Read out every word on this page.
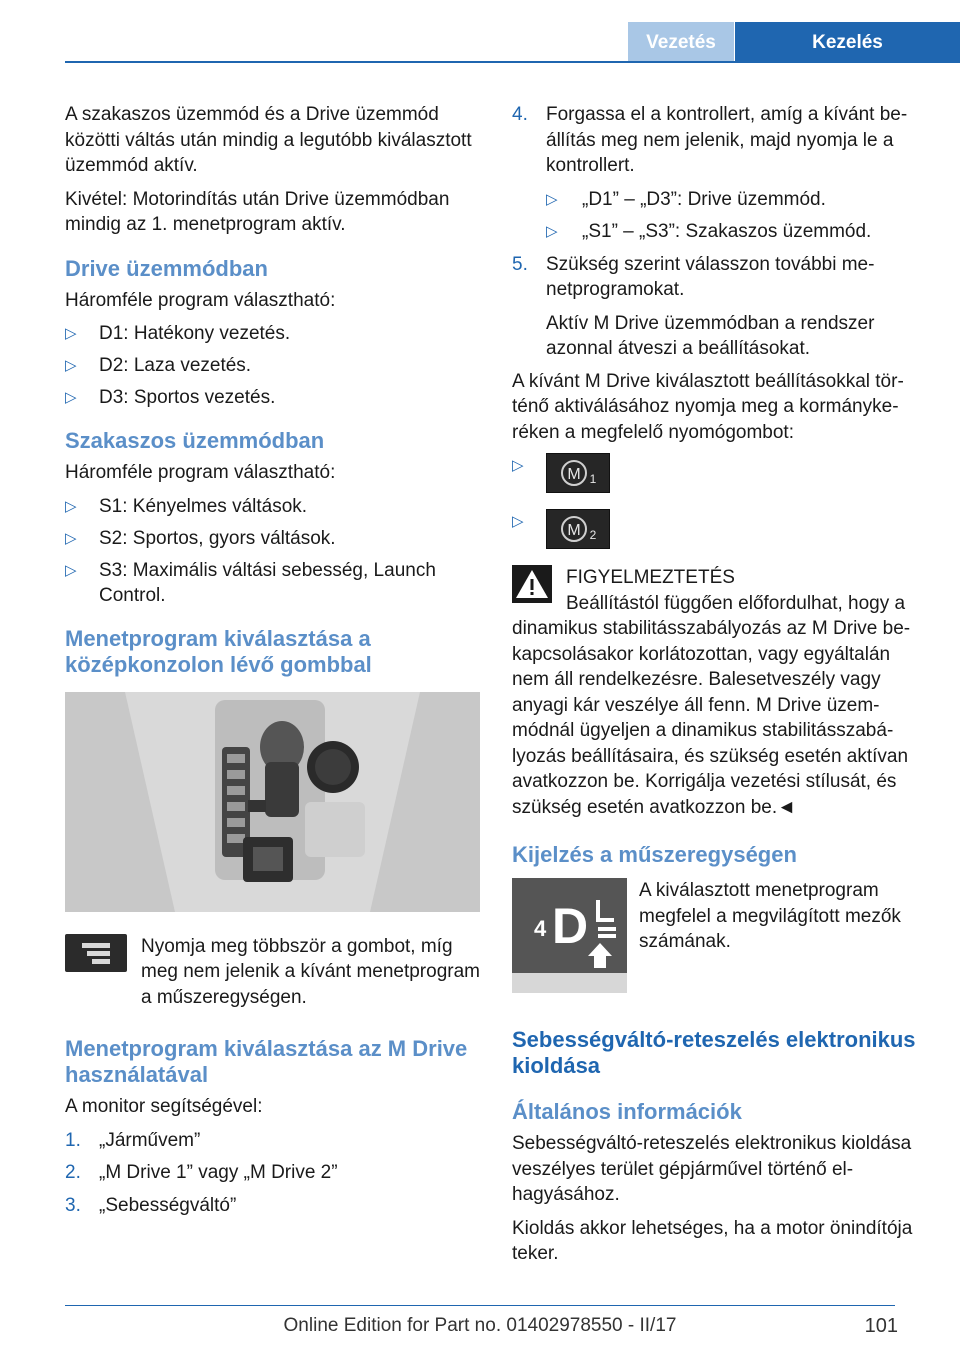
Vezetés	Kezelés

A szakaszos üzemmód és a Drive üzemmód közötti váltás után mindig a legutóbb kiválasztott üzemmód aktív.

Kivétel: Motorindítás után Drive üzemmódban mindig az 1. menetprogram aktív.

Drive üzemmódban

Háromféle program választható:

▷ D1: Hatékony vezetés.
▷ D2: Laza vezetés.
▷ D3: Sportos vezetés.
Szakaszos üzemmódban

Háromféle program választható:

▷ S1: Kényelmes váltások.
▷ S2: Sportos, gyors váltások.
▷ S3: Maximális váltási sebesség, Launch Control.
Menetprogram kiválasztása a középkonzolon lévő gombbal

Nyomja meg többször a gombot, míg meg nem jelenik a kívánt menetprogram a műszeregységen.

Menetprogram kiválasztása az M Drive használatával

A monitor segítségével:

1. „Járművem”
2. „M Drive 1” vagy „M Drive 2”
3. „Sebességváltó”
4. Forgassa el a kontrollert, amíg a kívánt beállítás meg nem jelenik, majd nyomja le a kontrollert.
▷ „D1” – „D3”: Drive üzemmód.
▷ „S1” – „S3”: Szakaszos üzemmód.
5. Szükség szerint válasszon további menetprogramokat.
Aktív M Drive üzemmódban a rendszer azonnal átveszi a beállításokat.

A kívánt M Drive kiválasztott beállításokkal történő aktiválásához nyomja meg a kormánykeréken a megfelelő nyomógombot:

▷
M 1
▷
M 2

FIGYELMEZTETÉS

Beállítástól függően előfordulhat, hogy a

dinamikus stabilitásszabályozás az M Drive bekapcsolásakor korlátozottan, vagy egyáltalán nem áll rendelkezésre. Balesetveszély vagy anyagi kár veszélye áll fenn. M Drive üzemmódnál ügyeljen a dinamikus stabilitásszabályozás beállításaira, és szükség esetén aktívan avatkozzon be. Korrigálja vezetési stílusát, és szükség esetén avatkozzon be.◄

Kijelzés a műszeregységen
4 D

A kiválasztott menetprogram megfelel a megvilágított mezők számának.

Sebességváltó-reteszelés elektronikus kioldása
Általános információk

Sebességváltó-reteszelés elektronikus kioldása veszélyes terület gépjárművel történő elhagyásához.

Kioldás akkor lehetséges, ha a motor önindítója teker.

Online Edition for Part no. 01402978550 - II/17	101
